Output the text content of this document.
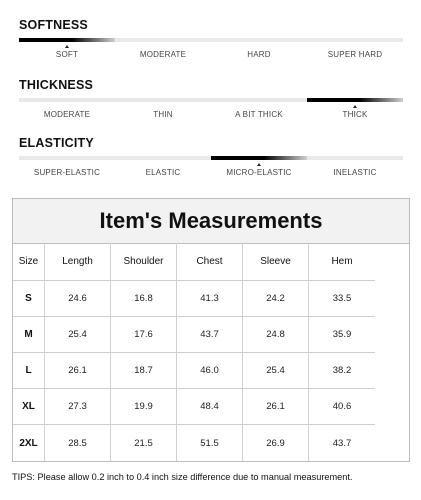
SOFTNESS
SOFT	MODERATE	HARD	SUPER HARD
THICKNESS
MODERATE	THIN	A BIT THICK	THICK
ELASTICITY
SUPER-ELASTIC	ELASTIC	MICRO-ELASTIC	INELASTIC
Item's Measurements
Size	Length	Shoulder	Chest	Sleeve	Hem
S	24.6	16.8	41.3	24.2	33.5
M	25.4	17.6	43.7	24.8	35.9
L	26.1	18.7	46.0	25.4	38.2
XL	27.3	19.9	48.4	26.1	40.6
2XL	28.5	21.5	51.5	26.9	43.7
TIPS: Please allow 0.2 inch to 0.4 inch size difference due to manual measurement.
